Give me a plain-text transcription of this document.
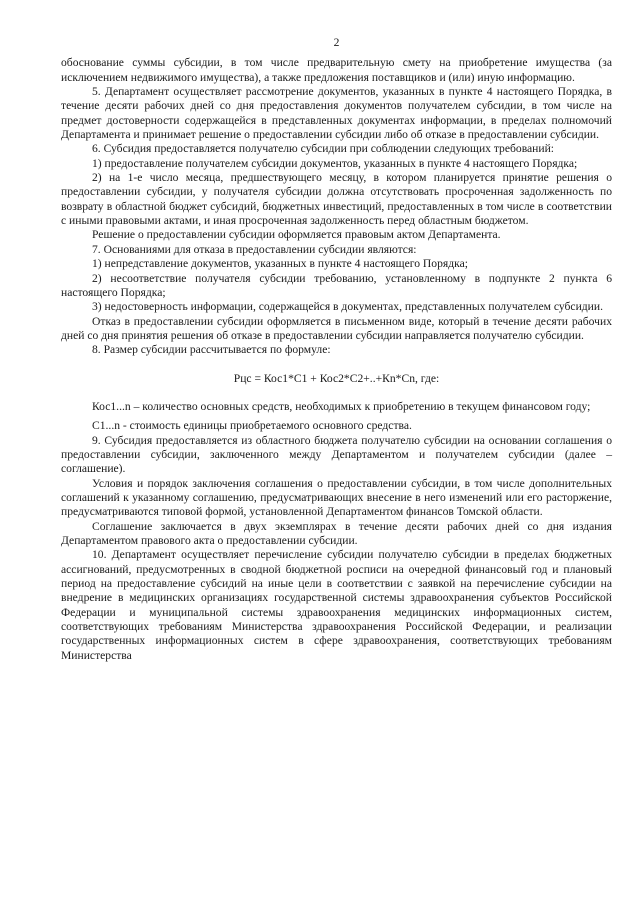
2

обоснование суммы субсидии, в том числе предварительную смету на приобретение имущества (за исключением недвижимого имущества), а также предложения поставщиков и (или) иную информацию.

5. Департамент осуществляет рассмотрение документов, указанных в пункте 4 настоящего Порядка, в течение десяти рабочих дней со дня предоставления документов получателем субсидии, в том числе на предмет достоверности содержащейся в представленных документах информации, в пределах полномочий Департамента и принимает решение о предоставлении субсидии либо об отказе в предоставлении субсидии.

6. Субсидия предоставляется получателю субсидии при соблюдении следующих требований:

1) предоставление получателем субсидии документов, указанных в пункте 4 настоящего Порядка;

2) на 1-е число месяца, предшествующего месяцу, в котором планируется принятие решения о предоставлении субсидии, у получателя субсидии должна отсутствовать просроченная задолженность по возврату в областной бюджет субсидий, бюджетных инвестиций, предоставленных в том числе в соответствии с иными правовыми актами, и иная просроченная задолженность перед областным бюджетом.

Решение о предоставлении субсидии оформляется правовым актом Департамента.

7. Основаниями для отказа в предоставлении субсидии являются:

1) непредставление документов, указанных в пункте 4 настоящего Порядка;

2) несоответствие получателя субсидии требованию, установленному в подпункте 2 пункта 6 настоящего Порядка;

3) недостоверность информации, содержащейся в документах, представленных получателем субсидии.

Отказ в предоставлении субсидии оформляется в письменном виде, который в течение десяти рабочих дней со дня принятия решения об отказе в предоставлении субсидии направляется получателю субсидии.

8. Размер субсидии рассчитывается по формуле:

Рцс = Кос1*С1 + Кос2*С2+..+Кn*Сn, где:

Кос1...n – количество основных средств, необходимых к приобретению в текущем финансовом году;

С1...n - стоимость единицы приобретаемого основного средства.

9. Субсидия предоставляется из областного бюджета получателю субсидии на основании соглашения о предоставлении субсидии, заключенного между Департаментом и получателем субсидии (далее – соглашение).

Условия и порядок заключения соглашения о предоставлении субсидии, в том числе дополнительных соглашений к указанному соглашению, предусматривающих внесение в него изменений или его расторжение, предусматриваются типовой формой, установленной Департаментом финансов Томской области.

Соглашение заключается в двух экземплярах в течение десяти рабочих дней со дня издания Департаментом правового акта о предоставлении субсидии.

10. Департамент осуществляет перечисление субсидии получателю субсидии в пределах бюджетных ассигнований, предусмотренных в сводной бюджетной росписи на очередной финансовый год и плановый период на предоставление субсидий на иные цели в соответствии с заявкой на перечисление субсидии на внедрение в медицинских организациях государственной системы здравоохранения субъектов Российской Федерации и муниципальной системы здравоохранения медицинских информационных систем, соответствующих требованиям Министерства здравоохранения Российской Федерации, и реализации государственных информационных систем в сфере здравоохранения, соответствующих требованиям Министерства
